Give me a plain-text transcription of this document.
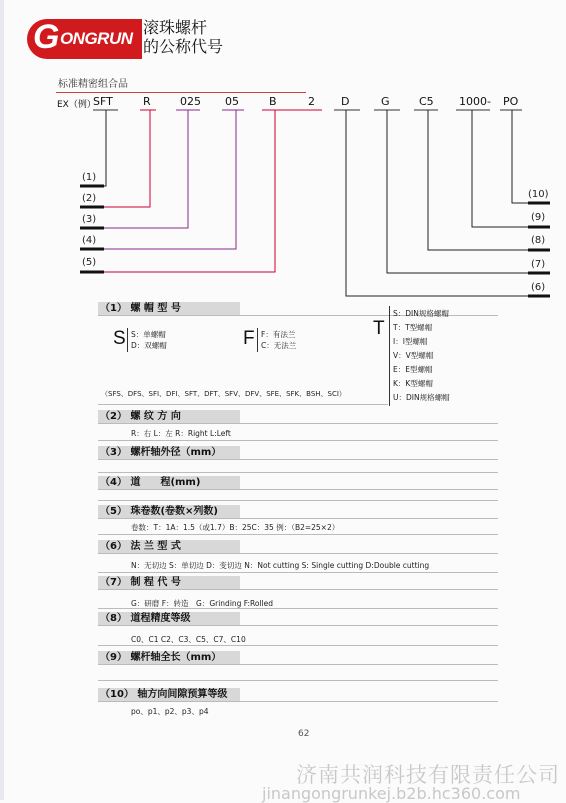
G ONGRUN
滚珠螺杆
的公称代号
标准精密组合品
EX（例）
SFT	R	025 05	B	2 D	G	C5 1000- PO
(1)
(2)
(3)
(4)
(5)
(10)
(9)
(8)
(7)
(6)
（1） 螺 帽 型 号
S S：单螺帽
D：双螺帽	F F：有法兰
C：无法兰
T
S：DIN规格螺帽
T：T型螺帽
I：I型螺帽
V：V型螺帽
E：E型螺帽
K：K型螺帽
U：DIN规格螺帽
（SFS、DFS、SFI、DFI、SFT、DFT、SFV、DFV、SFE、SFK、BSH、SCI）
（2） 螺 纹 方 向
R：右 L：左 R：Right L:Left
（3） 螺杆轴外径（mm）
（4） 道　　程(mm)
（5） 珠卷数(卷数×列数)
卷数：T：1A：1.5（或1.7）B：25C：35 例：（B2=25×2）
（6） 法 兰 型 式
N：无切边 S：单切边 D：变切边 N：Not cutting S: Single cutting D:Double cutting
（7） 制 程 代 号
G：研磨 F：转造　G：Grinding F:Rolled
（8） 道程精度等级
C0、C1 C2、C3、C5、C7、C10
（9） 螺杆轴全长（mm）
（10） 轴方向间隙预算等级
po、p1、p2、p3、p4
62
济南共润科技有限责任公司
jinangongrunkej.b2b.hc360.com
